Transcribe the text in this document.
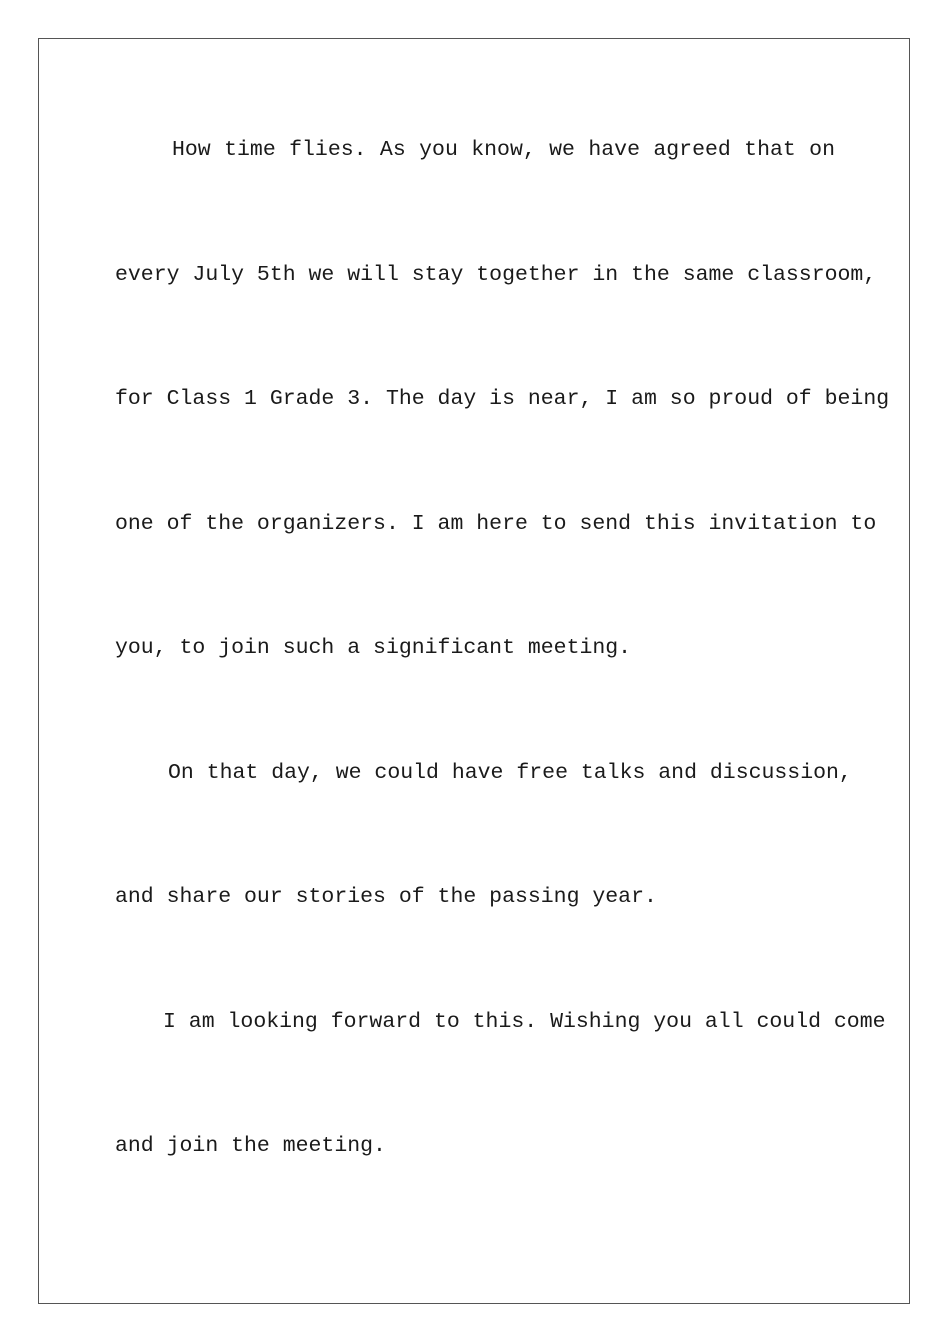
How time flies. As you know, we have agreed that on
every July 5th we will stay together in the same classroom,
for Class 1 Grade 3. The day is near, I am so proud of being
one of the organizers. I am here to send this invitation to
you, to join such a significant meeting.
On that day, we could have free talks and discussion,
and share our stories of the passing year.
I am looking forward to this. Wishing you all could come
and join the meeting.
